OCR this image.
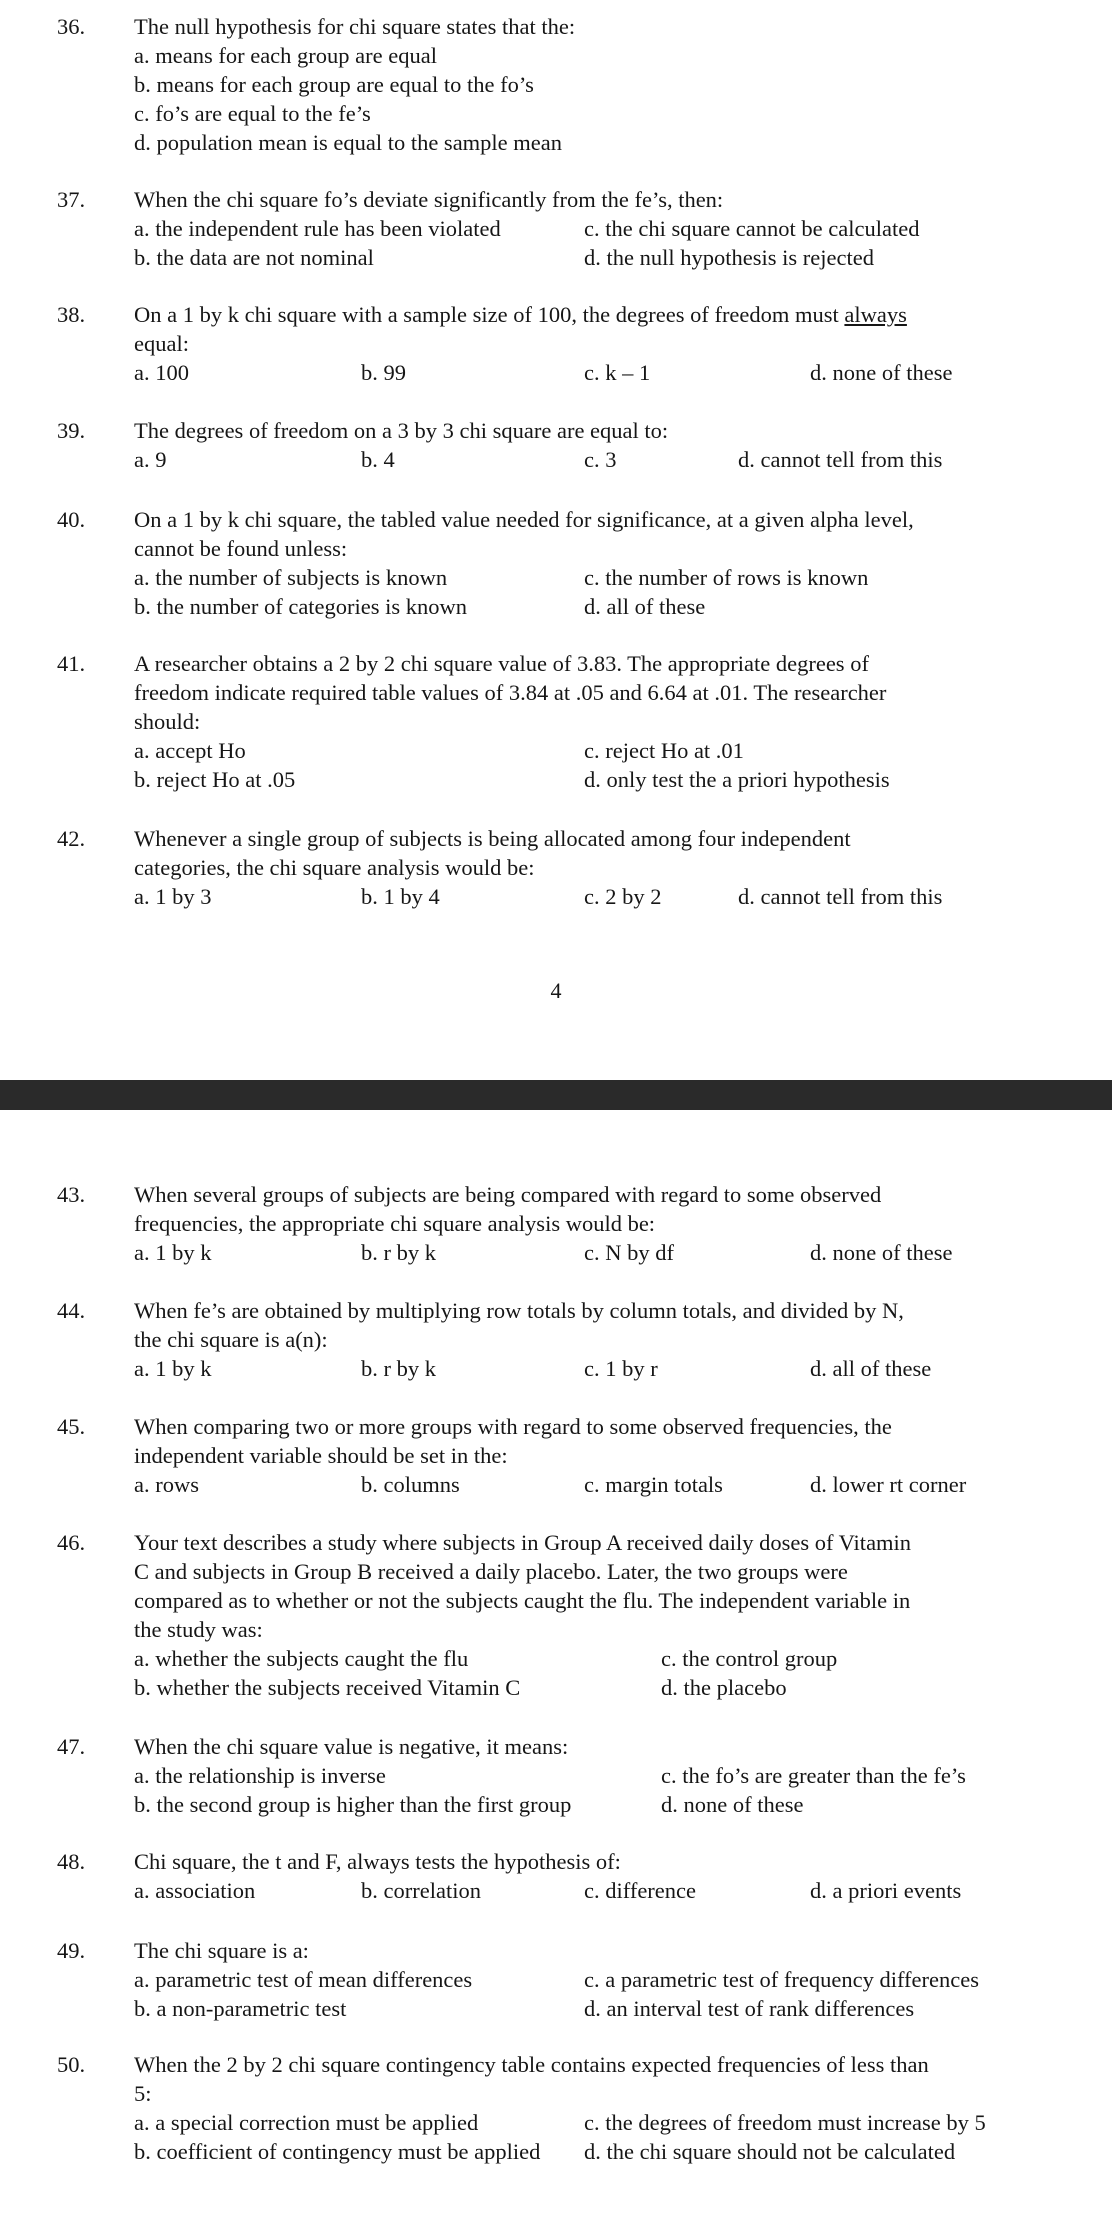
36. The null hypothesis for chi square states that the:
a. means for each group are equal
b. means for each group are equal to the fo’s
c. fo’s are equal to the fe’s
d. population mean is equal to the sample mean
37. When the chi square fo’s deviate significantly from the fe’s, then:
a. the independent rule has been violated	c. the chi square cannot be calculated
b. the data are not nominal	d. the null hypothesis is rejected
38. On a 1 by k chi square with a sample size of 100, the degrees of freedom must always
equal:
a. 100	b. 99	c. k – 1	d. none of these
39. The degrees of freedom on a 3 by 3 chi square are equal to:
a. 9	b. 4	c. 3	d. cannot tell from this
40. On a 1 by k chi square, the tabled value needed for significance, at a given alpha level,
cannot be found unless:
a. the number of subjects is known	c. the number of rows is known
b. the number of categories is known	d. all of these
41. A researcher obtains a 2 by 2 chi square value of 3.83. The appropriate degrees of
freedom indicate required table values of 3.84 at .05 and 6.64 at .01. The researcher
should:
a. accept Ho	c. reject Ho at .01
b. reject Ho at .05	d. only test the a priori hypothesis
42. Whenever a single group of subjects is being allocated among four independent
categories, the chi square analysis would be:
a. 1 by 3	b. 1 by 4	c. 2 by 2	d. cannot tell from this
4
43. When several groups of subjects are being compared with regard to some observed
frequencies, the appropriate chi square analysis would be:
a. 1 by k	b. r by k	c. N by df	d. none of these
44. When fe’s are obtained by multiplying row totals by column totals, and divided by N,
the chi square is a(n):
a. 1 by k	b. r by k	c. 1 by r	d. all of these
45. When comparing two or more groups with regard to some observed frequencies, the
independent variable should be set in the:
a. rows	b. columns	c. margin totals	d. lower rt corner
46. Your text describes a study where subjects in Group A received daily doses of Vitamin
C and subjects in Group B received a daily placebo. Later, the two groups were
compared as to whether or not the subjects caught the flu. The independent variable in
the study was:
a. whether the subjects caught the flu	c. the control group
b. whether the subjects received Vitamin C	d. the placebo
47. When the chi square value is negative, it means:
a. the relationship is inverse	c. the fo’s are greater than the fe’s
b. the second group is higher than the first group	d. none of these
48. Chi square, the t and F, always tests the hypothesis of:
a. association	b. correlation	c. difference	d. a priori events
49. The chi square is a:
a. parametric test of mean differences	c. a parametric test of frequency differences
b. a non-parametric test	d. an interval test of rank differences
50. When the 2 by 2 chi square contingency table contains expected frequencies of less than
5:
a. a special correction must be applied	c. the degrees of freedom must increase by 5
b. coefficient of contingency must be applied d. the chi square should not be calculated
